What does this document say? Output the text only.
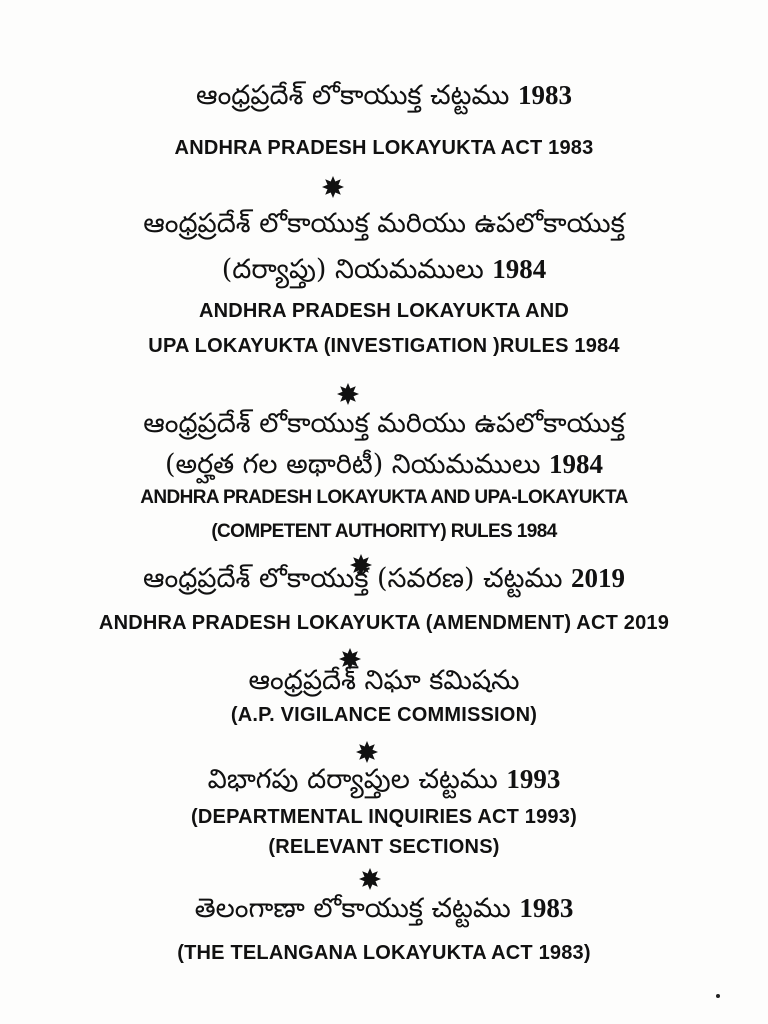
ఆంధ్రప్రదేశ్ లోకాయుక్త చట్టము 1983
ANDHRA PRADESH LOKAYUKTA ACT 1983
ఆంధ్రప్రదేశ్ లోకాయుక్త మరియు ఉపలోకాయుక్త
(దర్యాప్తు) నియమములు 1984
ANDHRA PRADESH LOKAYUKTA AND
UPA LOKAYUKTA (INVESTIGATION )RULES 1984
ఆంధ్రప్రదేశ్ లోకాయుక్త మరియు ఉపలోకాయుక్త
(అర్హత గల అథారిటీ) నియమములు 1984
ANDHRA PRADESH LOKAYUKTA AND UPA-LOKAYUKTA
(COMPETENT AUTHORITY) RULES 1984
ఆంధ్రప్రదేశ్ లోకాయుక్త (సవరణ) చట్టము 2019
ANDHRA PRADESH LOKAYUKTA (AMENDMENT) ACT 2019
ఆంధ్రప్రదేశ్ నిఘా కమిషను
(A.P. VIGILANCE COMMISSION)
విభాగపు దర్యాప్తుల చట్టము 1993
(DEPARTMENTAL INQUIRIES ACT 1993)
(RELEVANT SECTIONS)
తెలంగాణా లోకాయుక్త చట్టము 1983
(THE TELANGANA LOKAYUKTA ACT 1983)
